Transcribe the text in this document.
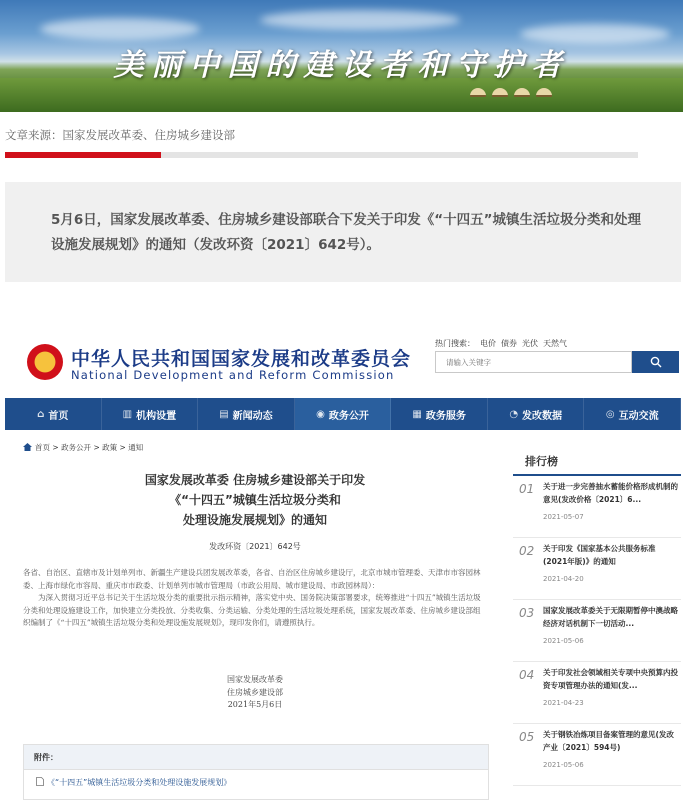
美丽中国的建设者和守护者
文章来源：国家发展改革委、住房城乡建设部

5月6日，国家发展改革委、住房城乡建设部联合下发关于印发《“十四五”城镇生活垃圾分类和处理设施发展规划》的通知（发改环资〔2021〕642号）。

中华人民共和国国家发展和改革委员会
National Development and Reform Commission
热门搜索： 电价 债券 光伏 天然气
请输入关键字
⌂ 首页	▥ 机构设置	▤ 新闻动态	◉ 政务公开	▦ 政务服务	◔ 发改数据	◎ 互动交流
首页 > 政务公开 > 政策 > 通知
国家发展改革委 住房城乡建设部关于印发
《“十四五”城镇生活垃圾分类和
处理设施发展规划》的通知
发改环资〔2021〕642号

各省、自治区、直辖市及计划单列市、新疆生产建设兵团发展改革委，各省、自治区住房城乡建设厅，北京市城市管理委、天津市市容园林委、上海市绿化市容局、重庆市市政委、计划单列市城市管理局（市政公用局、城市建设局、市政园林局）：

为深入贯彻习近平总书记关于生活垃圾分类的重要批示指示精神，落实党中央、国务院决策部署要求，统筹推进“十四五”城镇生活垃圾分类和处理设施建设工作，加快建立分类投放、分类收集、分类运输、分类处理的生活垃圾处理系统，国家发展改革委、住房城乡建设部组织编制了《“十四五”城镇生活垃圾分类和处理设施发展规划》，现印发你们，请遵照执行。

国家发展改革委
住房城乡建设部
2021年5月6日
附件：
《“十四五”城镇生活垃圾分类和处理设施发展规划》
排行榜
01 关于进一步完善抽水蓄能价格形成机制的意见(发改价格〔2021〕6...
2021-05-07
02 关于印发《国家基本公共服务标准(2021年版)》的通知
2021-04-20
03 国家发展改革委关于无限期暂停中澳战略经济对话机制下一切活动...
2021-05-06
04 关于印发社会领域相关专项中央预算内投资专项管理办法的通知(发...
2021-04-23
05 关于钢铁冶炼项目备案管理的意见(发改产业〔2021〕594号)
2021-05-06
